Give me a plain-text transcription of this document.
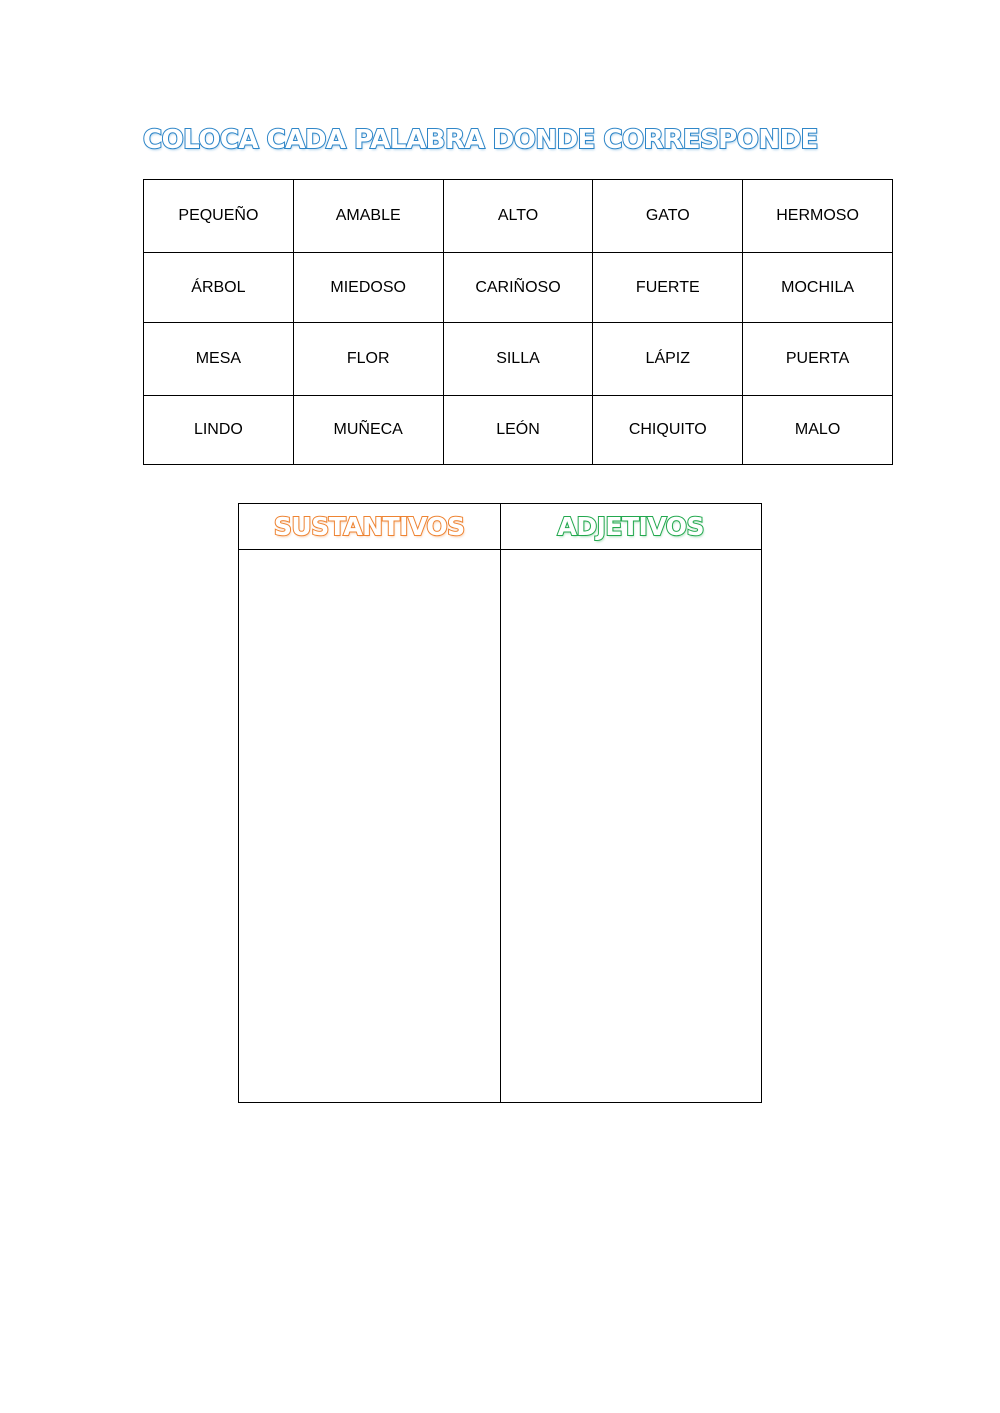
COLOCA CADA PALABRA DONDE CORRESPONDE
PEQUEÑO	AMABLE	ALTO	GATO	HERMOSO
ÁRBOL	MIEDOSO	CARIÑOSO	FUERTE	MOCHILA
MESA	FLOR	SILLA	LÁPIZ	PUERTA
LINDO	MUÑECA	LEÓN	CHIQUITO	MALO
SUSTANTIVOS	ADJETIVOS
